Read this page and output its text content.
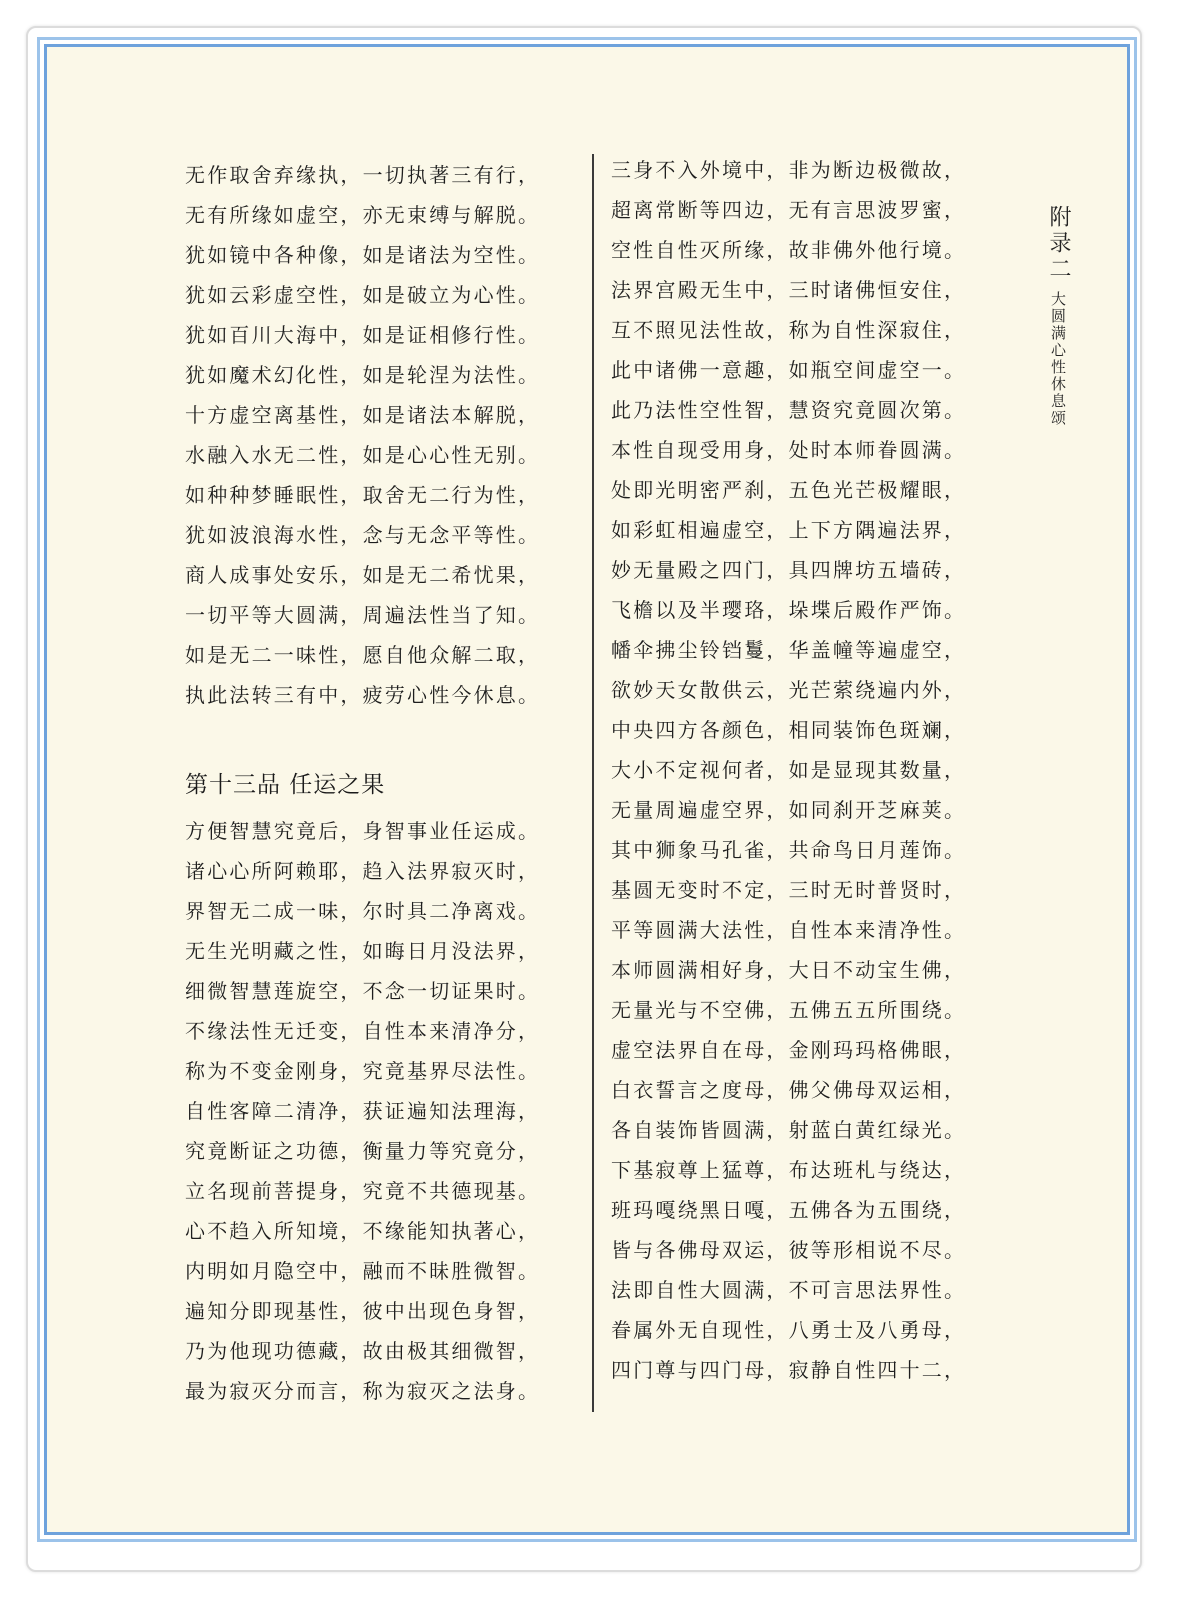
无作取舍弃缘执，一切执著三有行，
无有所缘如虚空，亦无束缚与解脱。
犹如镜中各种像，如是诸法为空性。
犹如云彩虚空性，如是破立为心性。
犹如百川大海中，如是证相修行性。
犹如魔术幻化性，如是轮涅为法性。
十方虚空离基性，如是诸法本解脱，
水融入水无二性，如是心心性无别。
如种种梦睡眠性，取舍无二行为性，
犹如波浪海水性，念与无念平等性。
商人成事处安乐，如是无二希忧果，
一切平等大圆满，周遍法性当了知。
如是无二一味性，愿自他众解二取，
执此法转三有中，疲劳心性今休息。
第十三品 任运之果
方便智慧究竟后，身智事业任运成。
诸心心所阿赖耶，趋入法界寂灭时，
界智无二成一味，尔时具二净离戏。
无生光明藏之性，如晦日月没法界，
细微智慧莲旋空，不念一切证果时。
不缘法性无迁变，自性本来清净分，
称为不变金刚身，究竟基界尽法性。
自性客障二清净，获证遍知法理海，
究竟断证之功德，衡量力等究竟分，
立名现前菩提身，究竟不共德现基。
心不趋入所知境，不缘能知执著心，
内明如月隐空中，融而不昧胜微智。
遍知分即现基性，彼中出现色身智，
乃为他现功德藏，故由极其细微智，
最为寂灭分而言，称为寂灭之法身。
三身不入外境中，非为断边极微故，
超离常断等四边，无有言思波罗蜜，
空性自性灭所缘，故非佛外他行境。
法界宫殿无生中，三时诸佛恒安住，
互不照见法性故，称为自性深寂住，
此中诸佛一意趣，如瓶空间虚空一。
此乃法性空性智，慧资究竟圆次第。
本性自现受用身，处时本师眷圆满。
处即光明密严刹，五色光芒极耀眼，
如彩虹相遍虚空，上下方隅遍法界，
妙无量殿之四门，具四牌坊五墙砖，
飞檐以及半璎珞，垛堞后殿作严饰。
幡伞拂尘铃铛鬘，华盖幢等遍虚空，
欲妙天女散供云，光芒萦绕遍内外，
中央四方各颜色，相同装饰色斑斓，
大小不定视何者，如是显现其数量，
无量周遍虚空界，如同刹开芝麻荚。
其中狮象马孔雀，共命鸟日月莲饰。
基圆无变时不定，三时无时普贤时，
平等圆满大法性，自性本来清净性。
本师圆满相好身，大日不动宝生佛，
无量光与不空佛，五佛五五所围绕。
虚空法界自在母，金刚玛玛格佛眼，
白衣誓言之度母，佛父佛母双运相，
各自装饰皆圆满，射蓝白黄红绿光。
下基寂尊上猛尊，布达班札与绕达，
班玛嘎绕黑日嘎，五佛各为五围绕，
皆与各佛母双运，彼等形相说不尽。
法即自性大圆满，不可言思法界性。
眷属外无自现性，八勇士及八勇母，
四门尊与四门母，寂静自性四十二，
附录二
大圆满心性休息颂
